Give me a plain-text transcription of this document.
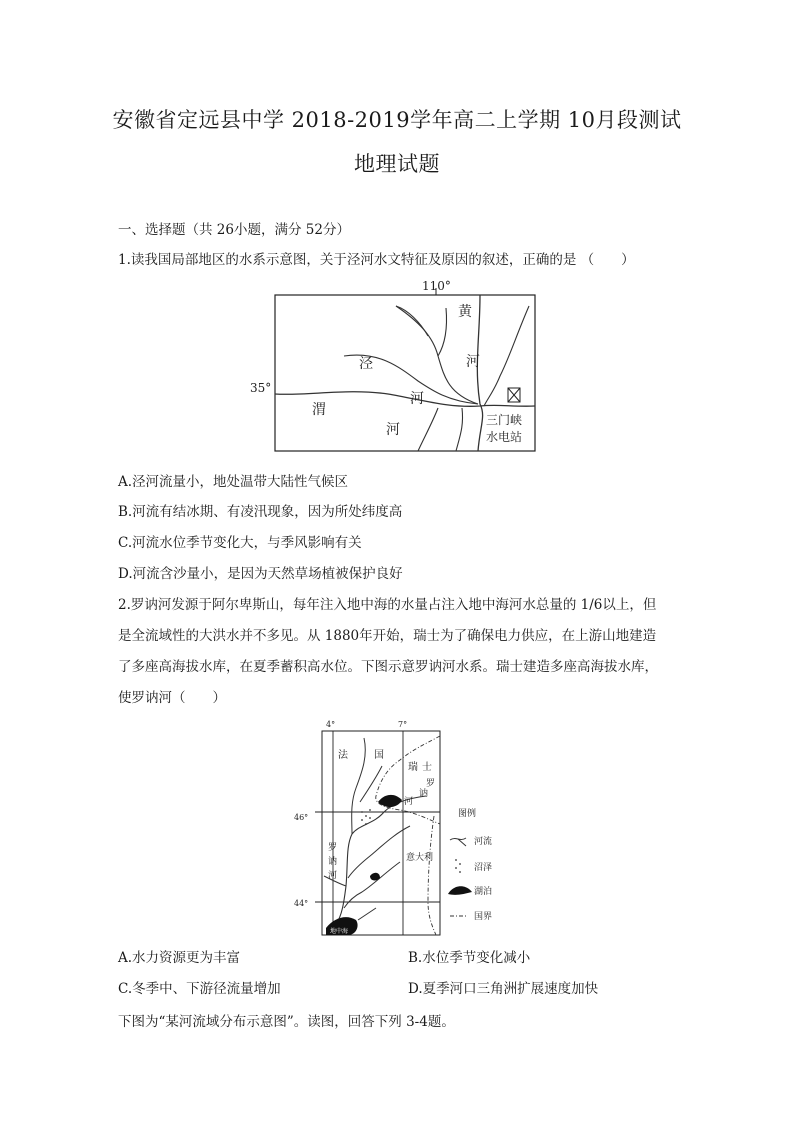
安徽省定远县中学 2018-2019学年高二上学期 10月段测试
地理试题
一、选择题（共 26小题，满分 52分）
1.读我国局部地区的水系示意图，关于泾河水文特征及原因的叙述，正确的是 （　　）
110°
35°
黄
河
泾
河
渭
河
三门峡
水电站
A.泾河流量小，地处温带大陆性气候区
B.河流有结冰期、有凌汛现象，因为所处纬度高
C.河流水位季节变化大，与季风影响有关
D.河流含沙量小，是因为天然草场植被保护良好
2.罗讷河发源于阿尔卑斯山，每年注入地中海的水量占注入地中海河水总量的 1/6以上，但
是全流域性的大洪水并不多见。从 1880年开始，瑞士为了确保电力供应，在上游山地建造
了多座高海拔水库，在夏季蓄积高水位。下图示意罗讷河水系。瑞士建造多座高海拔水库，
使罗讷河（　　）
4°	7°
46°
44°
法	国
瑞 士
罗
讷
河
罗
讷
河
意大利
地中海
图例
河流
沼泽
湖泊
国界
A.水力资源更为丰富	B.水位季节变化减小
C.冬季中、下游径流量增加	D.夏季河口三角洲扩展速度加快
下图为“某河流域分布示意图”。读图，回答下列 3-4题。
